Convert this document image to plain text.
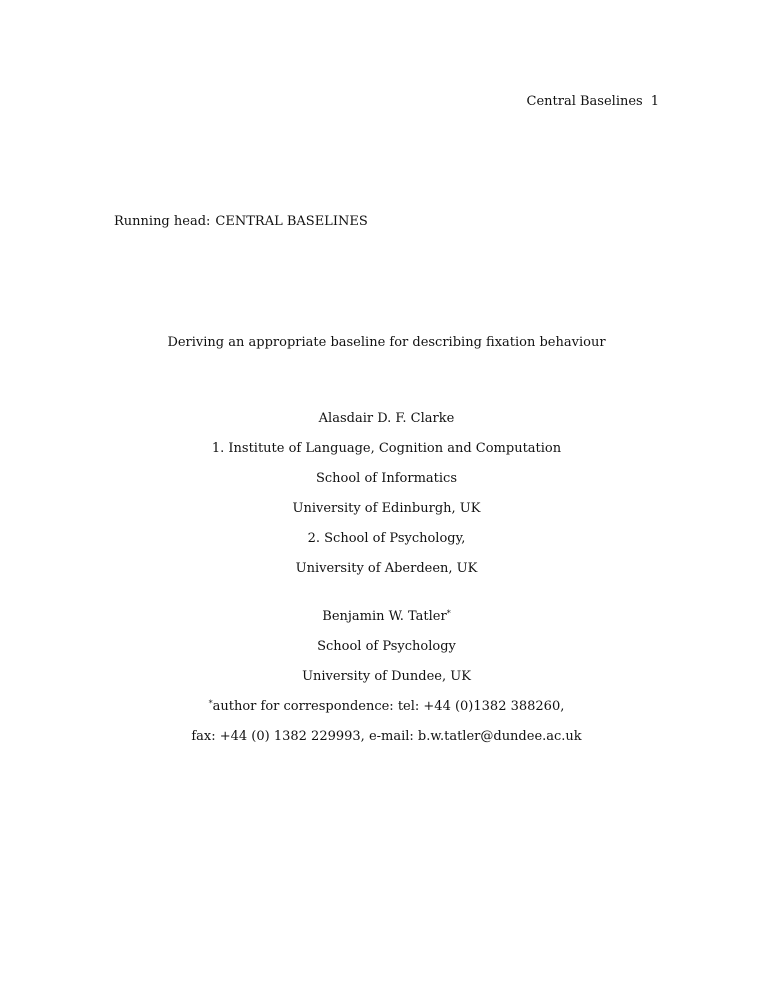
Central Baselines 1
Running head: CENTRAL BASELINES
Deriving an appropriate baseline for describing fixation behaviour
Alasdair D. F. Clarke
1. Institute of Language, Cognition and Computation
School of Informatics
University of Edinburgh, UK
2. School of Psychology,
University of Aberdeen, UK
Benjamin W. Tatler*
School of Psychology
University of Dundee, UK
*author for correspondence: tel: +44 (0)1382 388260,
fax: +44 (0) 1382 229993, e-mail: b.w.tatler@dundee.ac.uk
